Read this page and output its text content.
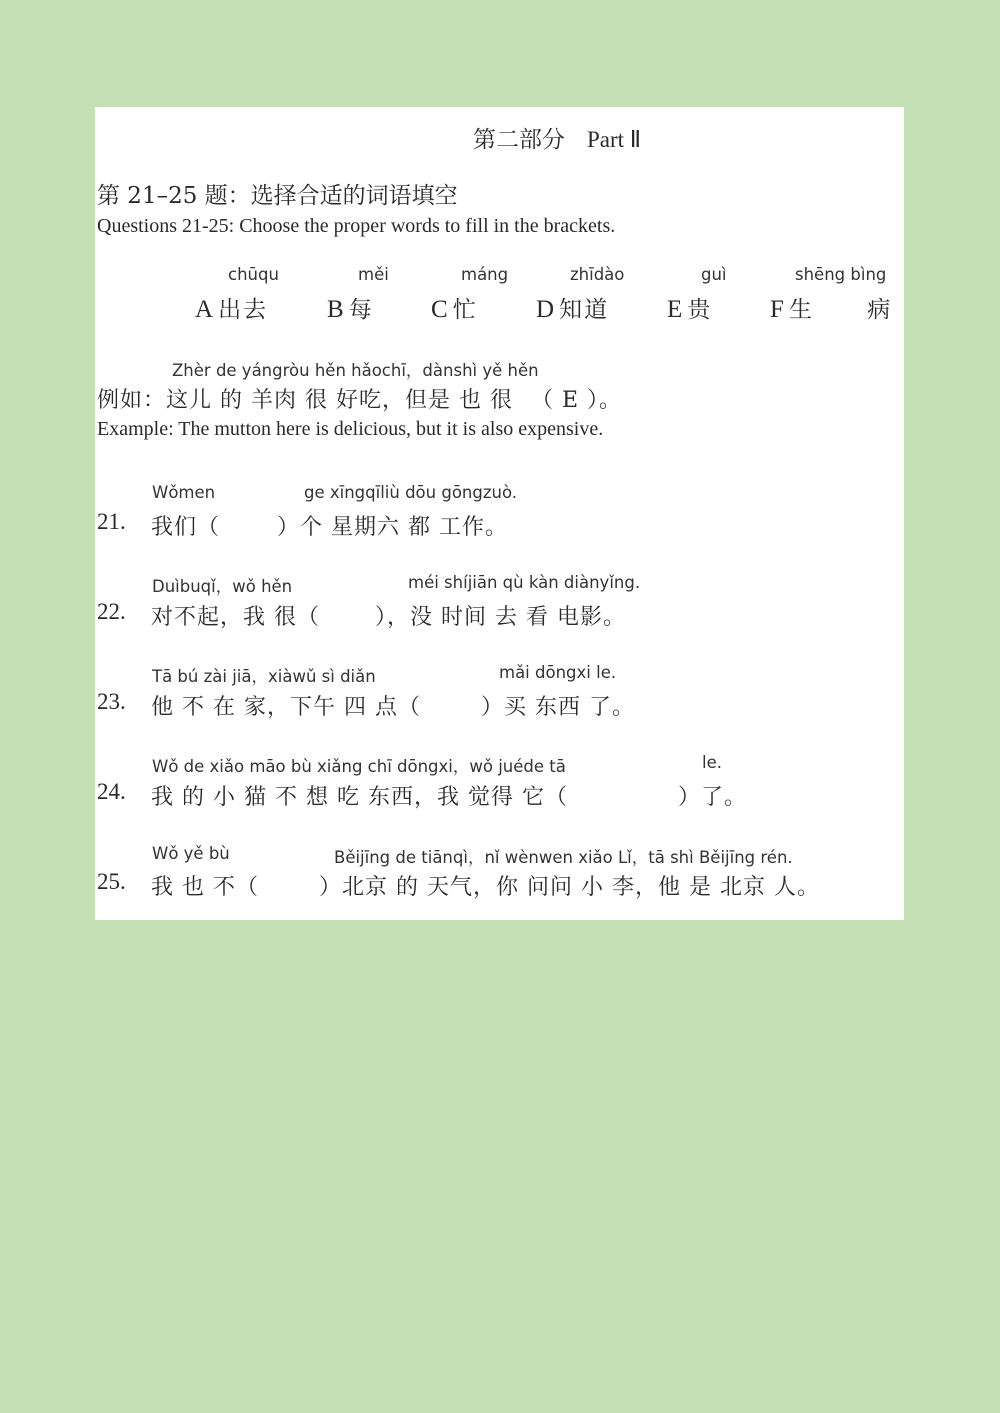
第二部分 Part Ⅱ
第 21–25 题：选择合适的词语填空
Questions 21-25: Choose the proper words to fill in the brackets.
chūqu	měi	máng	zhīdào	guì	shēng bìng
A 出去 B 每 C 忙 D 知道 E 贵 F 生 病
Zhèr de yángròu hěn hǎochī，dànshì yě hěn
例如：这儿 的 羊肉 很 好吃，但是 也 很 （ E ）。
Example: The mutton here is delicious, but it is also expensive.
Wǒmen	ge xīngqīliù dōu gōngzuò.
21. 我们（	）个 星期六 都 工作。
Duìbuqǐ，wǒ hěn	méi shíjiān qù kàn diànyǐng.
22. 对不起，我 很（	），没 时间 去 看 电影。
Tā bú zài jiā，xiàwǔ sì diǎn	mǎi dōngxi le.
23. 他 不 在 家，下午 四 点（	）买 东西 了。
Wǒ de xiǎo māo bù xiǎng chī dōngxi，wǒ juéde tā	le.
24. 我 的 小 猫 不 想 吃 东西，我 觉得 它（	）了。
Wǒ yě bù	Běijīng de tiānqì，nǐ wènwen xiǎo Lǐ，tā shì Běijīng rén.
25. 我 也 不（	）北京 的 天气，你 问问 小 李，他 是 北京 人。
